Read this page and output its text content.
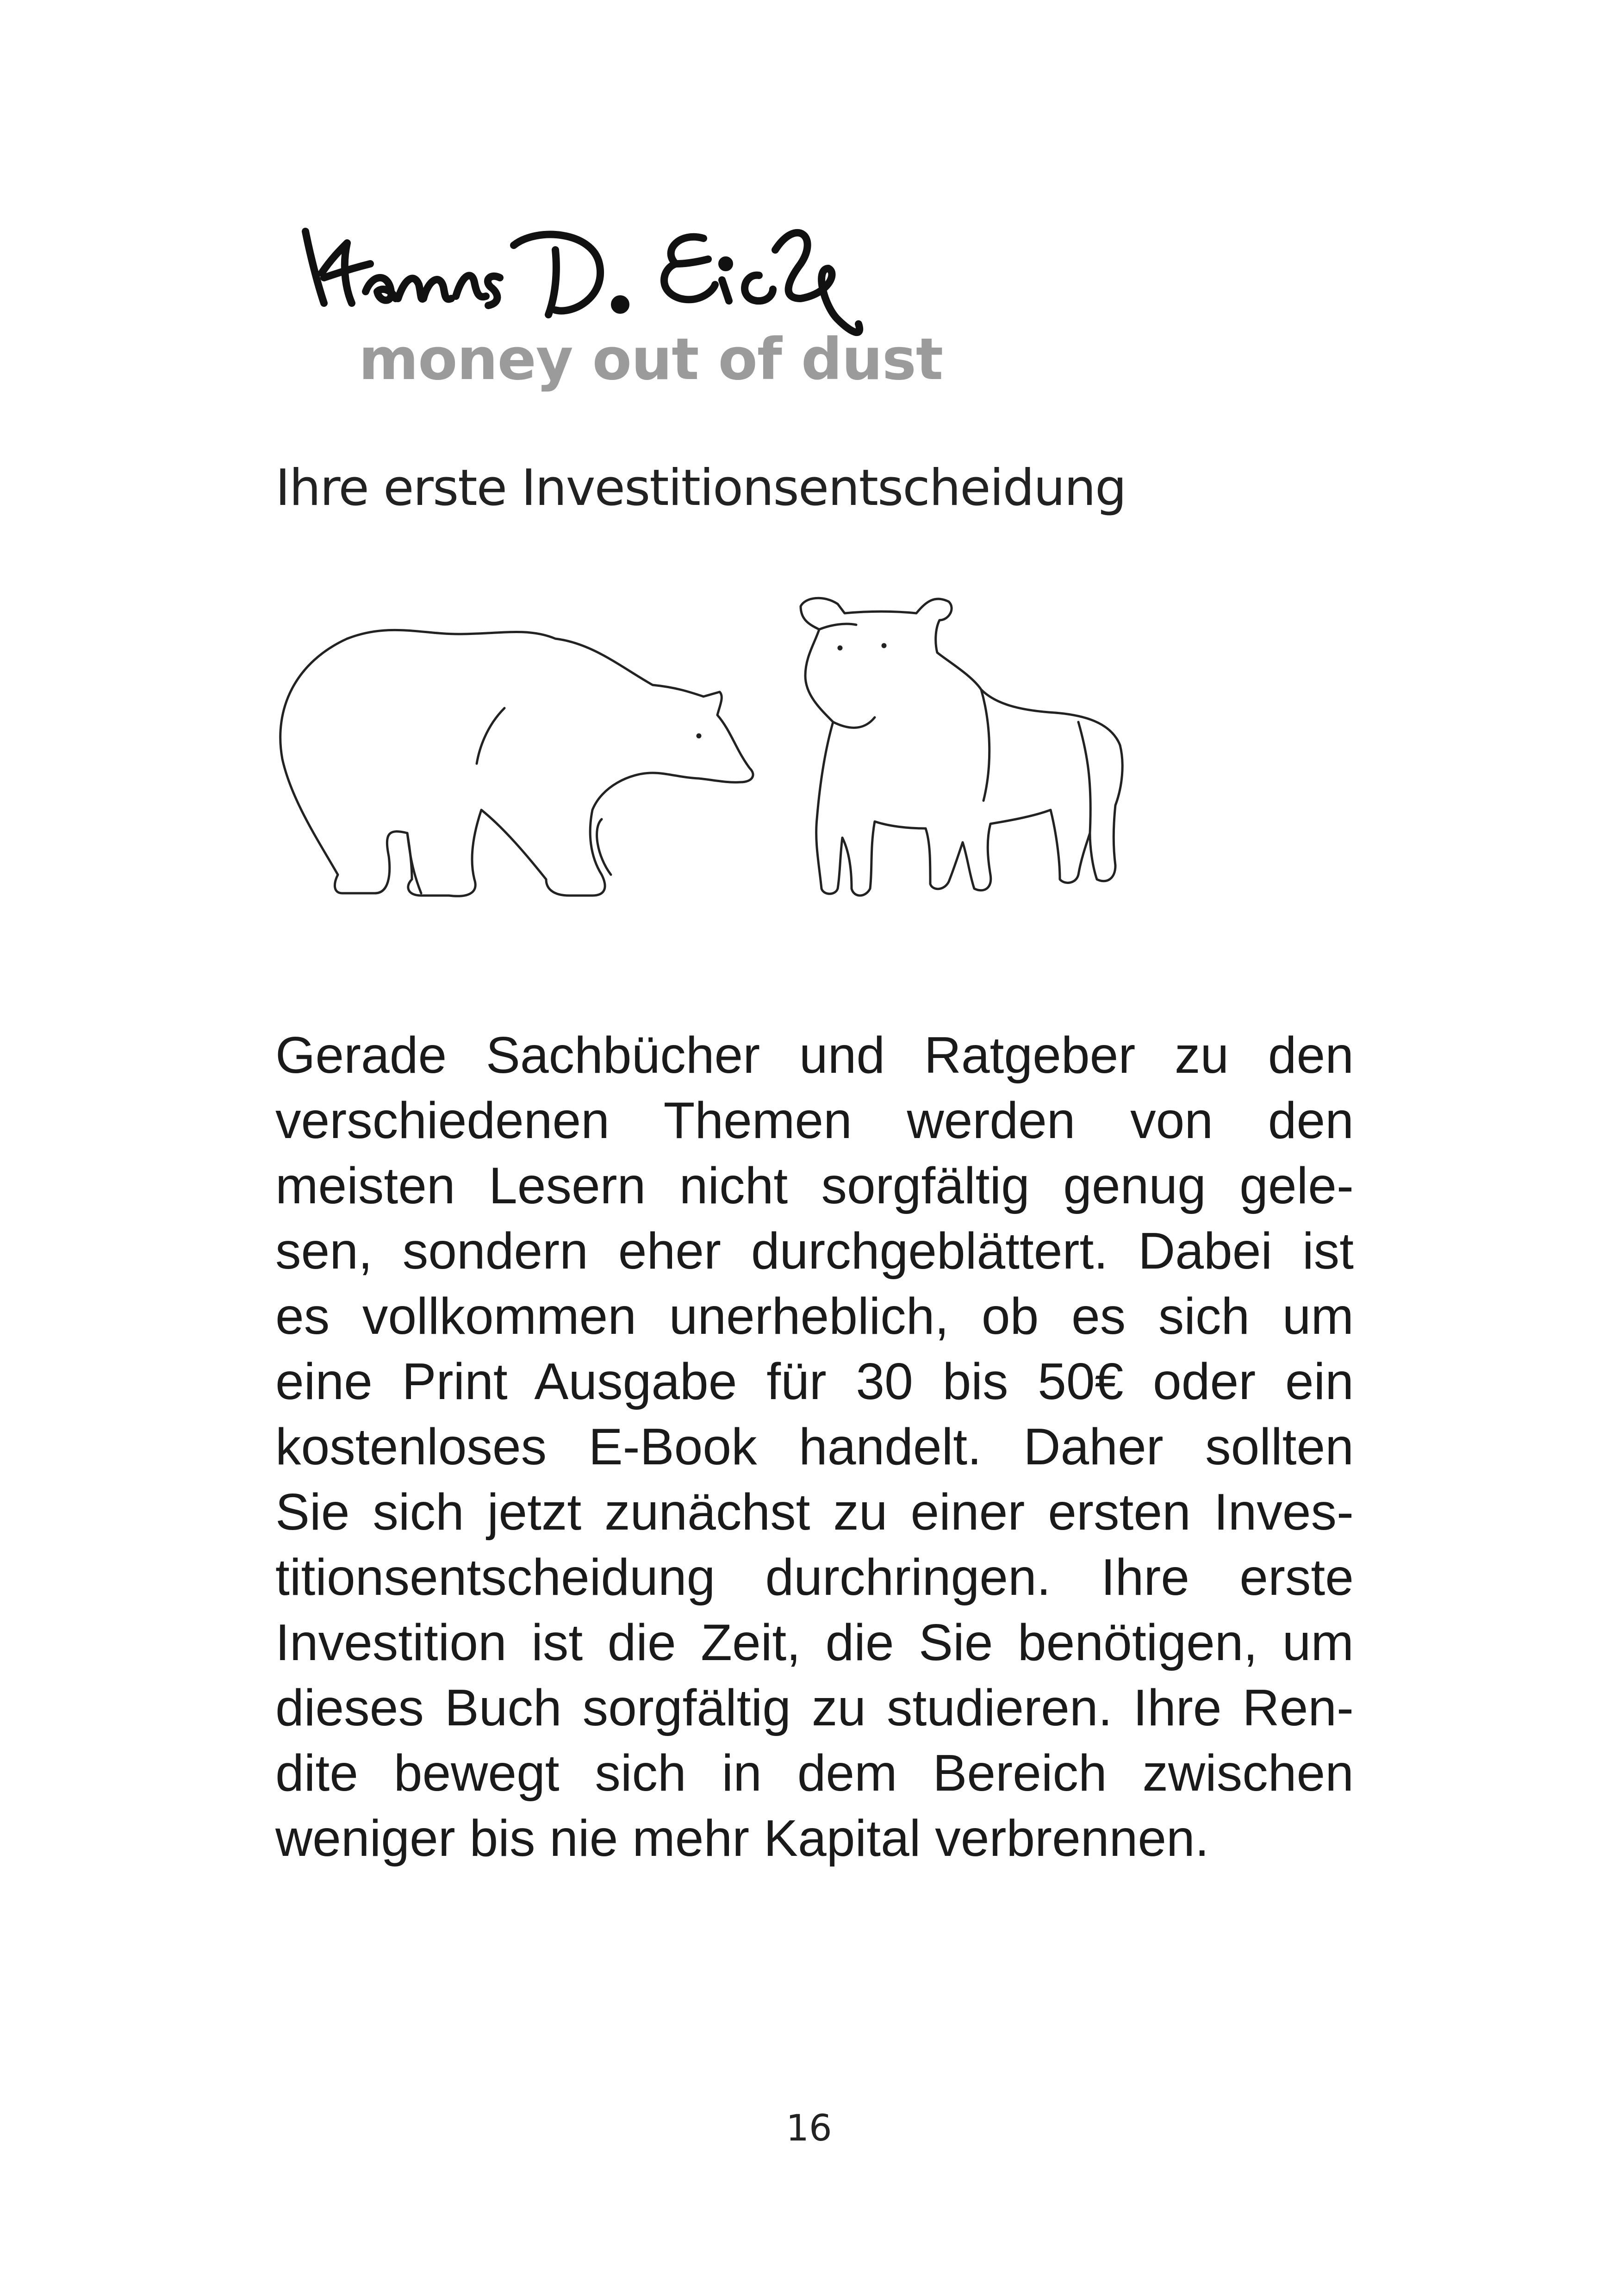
money out of dust
Ihre erste Investitionsentscheidung
Gerade Sachbücher und Ratgeber zu den
verschiedenen Themen werden von den
meisten Lesern nicht sorgfältig genug gele-
sen, sondern eher durchgeblättert. Dabei ist
es vollkommen unerheblich, ob es sich um
eine Print Ausgabe für 30 bis 50€ oder ein
kostenloses E-Book handelt. Daher sollten
Sie sich jetzt zunächst zu einer ersten Inves-
titionsentscheidung durchringen. Ihre erste
Investition ist die Zeit, die Sie benötigen, um
dieses Buch sorgfältig zu studieren. Ihre Ren-
dite bewegt sich in dem Bereich zwischen
weniger bis nie mehr Kapital verbrennen.
16
